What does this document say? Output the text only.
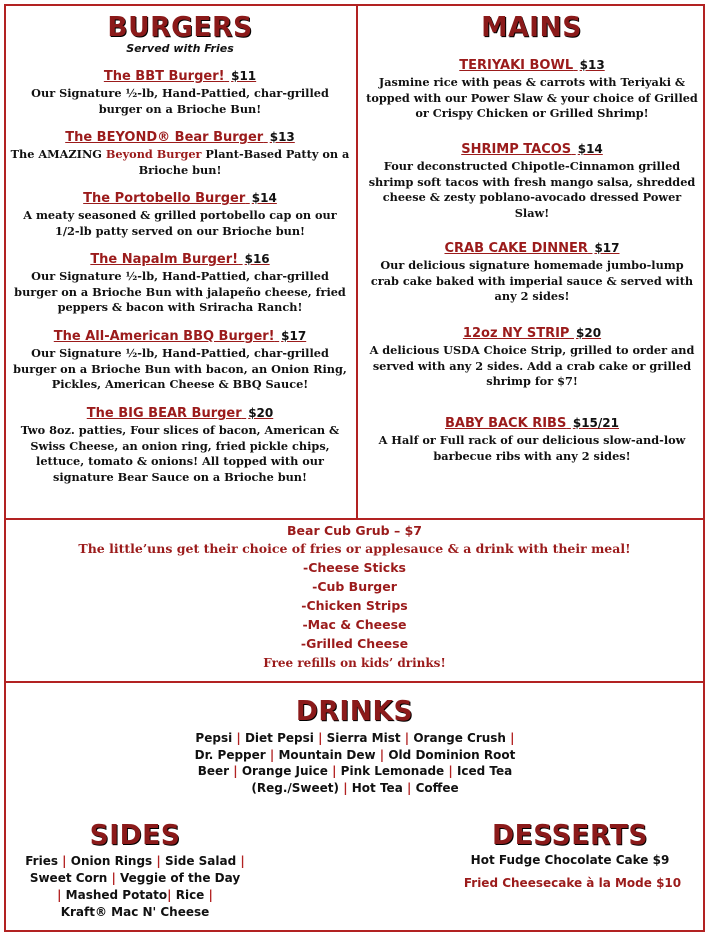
BURGERS
Served with Fries
The BBT Burger! $11
Our Signature ½-lb, Hand-Pattied, char-grilled burger on a Brioche Bun!
The BEYOND® Bear Burger $13
The AMAZING Beyond Burger Plant-Based Patty on a Brioche bun!
The Portobello Burger $14
A meaty seasoned & grilled portobello cap on our 1/2-lb patty served on our Brioche bun!
The Napalm Burger! $16
Our Signature ½-lb, Hand-Pattied, char-grilled burger on a Brioche Bun with jalapeño cheese, fried peppers & bacon with Sriracha Ranch!
The All-American BBQ Burger! $17
Our Signature ½-lb, Hand-Pattied, char-grilled burger on a Brioche Bun with bacon, an Onion Ring, Pickles, American Cheese & BBQ Sauce!
The BIG BEAR Burger $20
Two 8oz. patties, Four slices of bacon, American & Swiss Cheese, an onion ring, fried pickle chips, lettuce, tomato & onions! All topped with our signature Bear Sauce on a Brioche bun!
MAINS
TERIYAKI BOWL $13
Jasmine rice with peas & carrots with Teriyaki & topped with our Power Slaw & your choice of Grilled or Crispy Chicken or Grilled Shrimp!
SHRIMP TACOS $14
Four deconstructed Chipotle-Cinnamon grilled shrimp soft tacos with fresh mango salsa, shredded cheese & zesty poblano-avocado dressed Power Slaw!
CRAB CAKE DINNER $17
Our delicious signature homemade jumbo-lump crab cake baked with imperial sauce & served with any 2 sides!
12oz NY STRIP $20
A delicious USDA Choice Strip, grilled to order and served with any 2 sides. Add a crab cake or grilled shrimp for $7!
BABY BACK RIBS $15/21
A Half or Full rack of our delicious slow-and-low barbecue ribs with any 2 sides!
Bear Cub Grub – $7
The little’uns get their choice of fries or applesauce & a drink with their meal!
-Cheese Sticks
-Cub Burger
-Chicken Strips
-Mac & Cheese
-Grilled Cheese
Free refills on kids’ drinks!
DRINKS
Pepsi | Diet Pepsi | Sierra Mist | Orange Crush | Dr. Pepper | Mountain Dew | Old Dominion Root Beer | Orange Juice | Pink Lemonade | Iced Tea (Reg./Sweet) | Hot Tea | Coffee
SIDES
Fries | Onion Rings | Side Salad |
Sweet Corn | Veggie of the Day
| Mashed Potato| Rice |
Kraft® Mac N' Cheese
DESSERTS
Hot Fudge Chocolate Cake $9
Fried Cheesecake à la Mode $10
